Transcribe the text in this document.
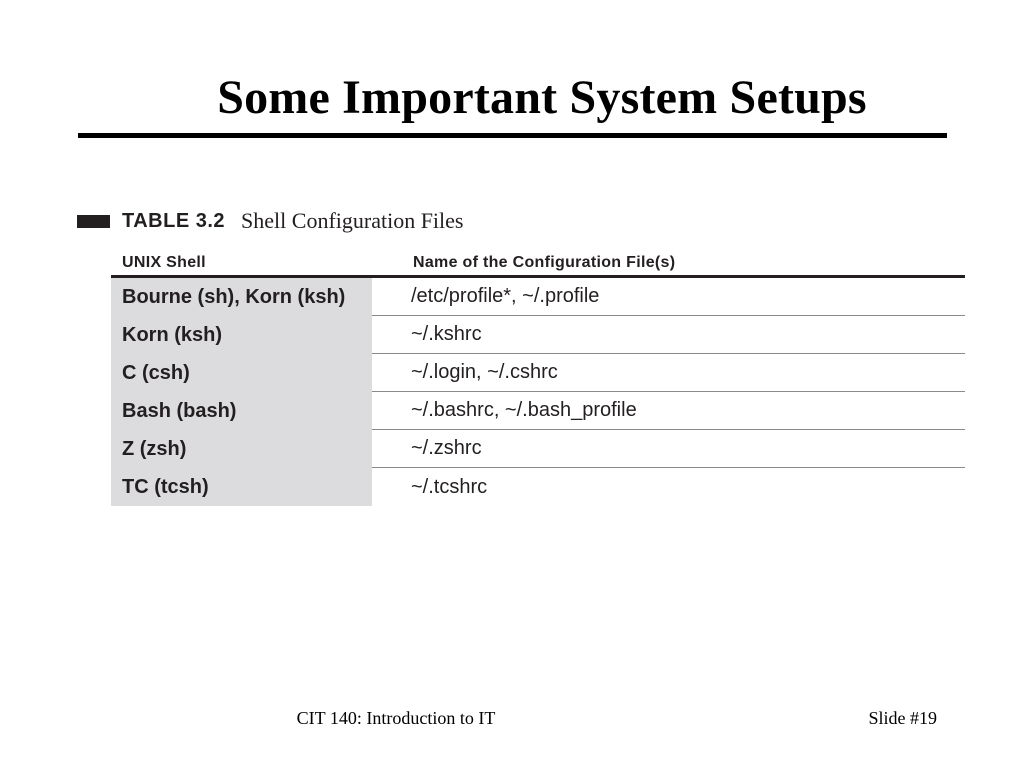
Some Important System Setups
TABLE 3.2 Shell Configuration Files
UNIX Shell	Name of the Configuration File(s)
Bourne (sh), Korn (ksh)	/etc/profile*, ~/.profile
Korn (ksh)	~/.kshrc
C (csh)	~/.login, ~/.cshrc
Bash (bash)	~/.bashrc, ~/.bash_profile
Z (zsh)	~/.zshrc
TC (tcsh)	~/.tcshrc
CIT 140: Introduction to IT	Slide #19
